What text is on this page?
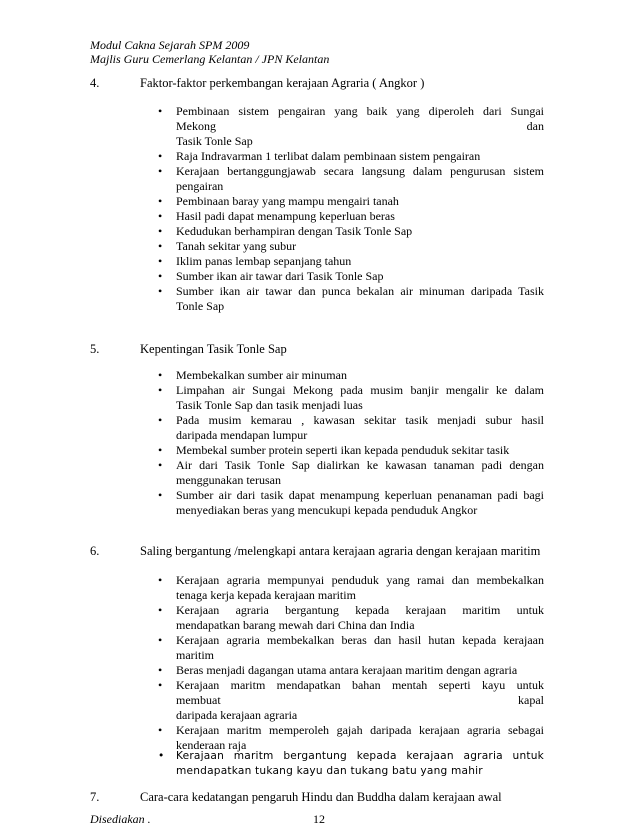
Modul Cakna Sejarah SPM 2009
Majlis Guru Cemerlang Kelantan / JPN Kelantan
4.	Faktor-faktor perkembangan kerajaan Agraria ( Angkor )
• Pembinaan sistem pengairan yang baik yang diperoleh dari Sungai
Mekong dan
Tasik Tonle Sap
• Raja Indravarman 1 terlibat dalam pembinaan sistem pengairan
• Kerajaan bertanggungjawab secara langsung dalam pengurusan sistem
pengairan
• Pembinaan baray yang mampu mengairi tanah
• Hasil padi dapat menampung keperluan beras
• Kedudukan berhampiran dengan Tasik Tonle Sap
• Tanah sekitar yang subur
• Iklim panas lembap sepanjang tahun
• Sumber ikan air tawar dari Tasik Tonle Sap
• Sumber ikan air tawar dan punca bekalan air minuman daripada Tasik
Tonle Sap
5.	Kepentingan Tasik Tonle Sap
• Membekalkan sumber air minuman
• Limpahan air Sungai Mekong pada musim banjir mengalir ke dalam
Tasik Tonle Sap dan tasik menjadi luas
• Pada musim kemarau , kawasan sekitar tasik menjadi subur hasil
daripada mendapan lumpur
• Membekal sumber protein seperti ikan kepada penduduk sekitar tasik
• Air dari Tasik Tonle Sap dialirkan ke kawasan tanaman padi dengan
menggunakan terusan
• Sumber air dari tasik dapat menampung keperluan penanaman padi bagi
menyediakan beras yang mencukupi kepada penduduk Angkor
6.	Saling bergantung /melengkapi antara kerajaan agraria dengan kerajaan maritim
• Kerajaan agraria mempunyai penduduk yang ramai dan membekalkan
tenaga kerja kepada kerajaan maritim
• Kerajaan agraria bergantung kepada kerajaan maritim untuk
mendapatkan barang mewah dari China dan India
• Kerajaan agraria membekalkan beras dan hasil hutan kepada kerajaan
maritim
• Beras menjadi dagangan utama antara kerajaan maritim dengan agraria
• Kerajaan maritm mendapatkan bahan mentah seperti kayu untuk
membuat kapal
daripada kerajaan agraria
• Kerajaan maritm memperoleh gajah daripada kerajaan agraria sebagai
kenderaan raja
• Kerajaan maritm bergantung kepada kerajaan agraria untuk
mendapatkan tukang kayu dan tukang batu yang mahir
7.	Cara-cara kedatangan pengaruh Hindu dan Buddha dalam kerajaan awal
Disediakan .	12
